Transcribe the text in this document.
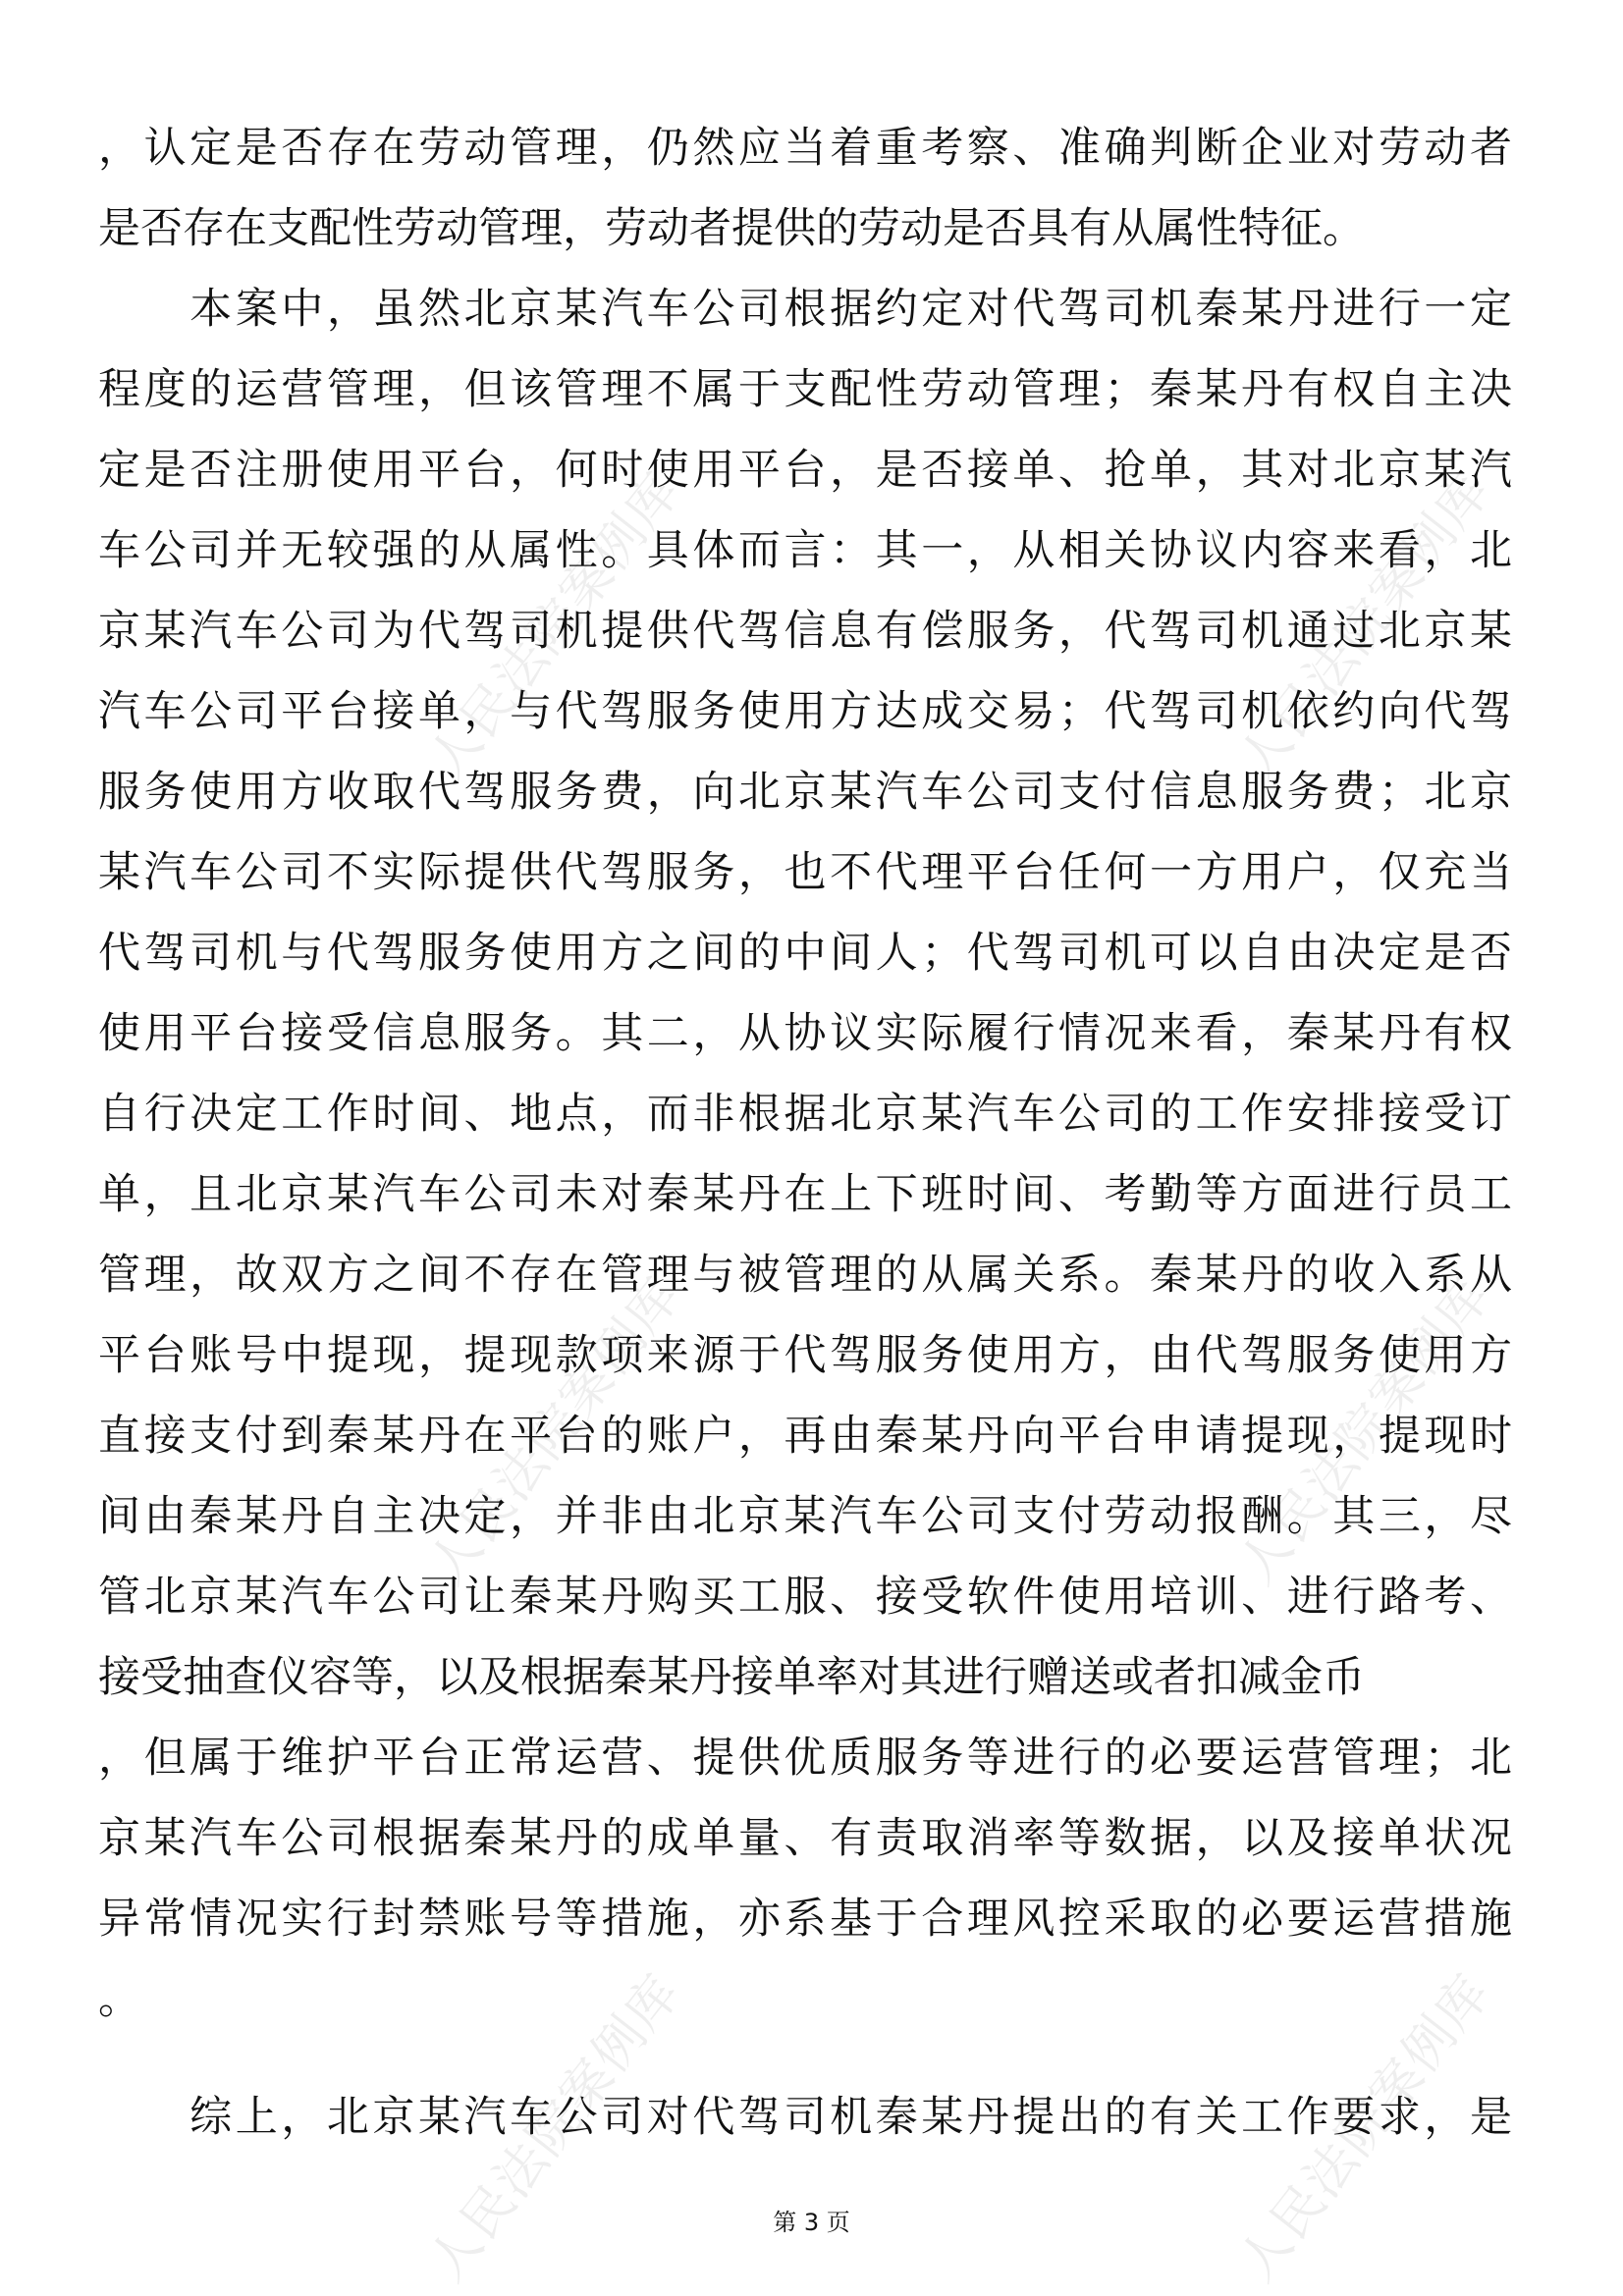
人民法院案例库	人民法院案例库
人民法院案例库	人民法院案例库
人民法院案例库	人民法院案例库
，认定是否存在劳动管理，仍然应当着重考察、准确判断企业对劳动者
是否存在支配性劳动管理，劳动者提供的劳动是否具有从属性特征。
　　本案中，虽然北京某汽车公司根据约定对代驾司机秦某丹进行一定
程度的运营管理，但该管理不属于支配性劳动管理；秦某丹有权自主决
定是否注册使用平台，何时使用平台，是否接单、抢单，其对北京某汽
车公司并无较强的从属性。具体而言：其一，从相关协议内容来看，北
京某汽车公司为代驾司机提供代驾信息有偿服务，代驾司机通过北京某
汽车公司平台接单，与代驾服务使用方达成交易；代驾司机依约向代驾
服务使用方收取代驾服务费，向北京某汽车公司支付信息服务费；北京
某汽车公司不实际提供代驾服务，也不代理平台任何一方用户，仅充当
代驾司机与代驾服务使用方之间的中间人；代驾司机可以自由决定是否
使用平台接受信息服务。其二，从协议实际履行情况来看，秦某丹有权
自行决定工作时间、地点，而非根据北京某汽车公司的工作安排接受订
单，且北京某汽车公司未对秦某丹在上下班时间、考勤等方面进行员工
管理，故双方之间不存在管理与被管理的从属关系。秦某丹的收入系从
平台账号中提现，提现款项来源于代驾服务使用方，由代驾服务使用方
直接支付到秦某丹在平台的账户，再由秦某丹向平台申请提现，提现时
间由秦某丹自主决定，并非由北京某汽车公司支付劳动报酬。其三，尽
管北京某汽车公司让秦某丹购买工服、接受软件使用培训、进行路考、
接受抽查仪容等，以及根据秦某丹接单率对其进行赠送或者扣减金币
，但属于维护平台正常运营、提供优质服务等进行的必要运营管理；北
京某汽车公司根据秦某丹的成单量、有责取消率等数据，以及接单状况
异常情况实行封禁账号等措施，亦系基于合理风控采取的必要运营措施
。
　　综上，北京某汽车公司对代驾司机秦某丹提出的有关工作要求，是
第 3 页
